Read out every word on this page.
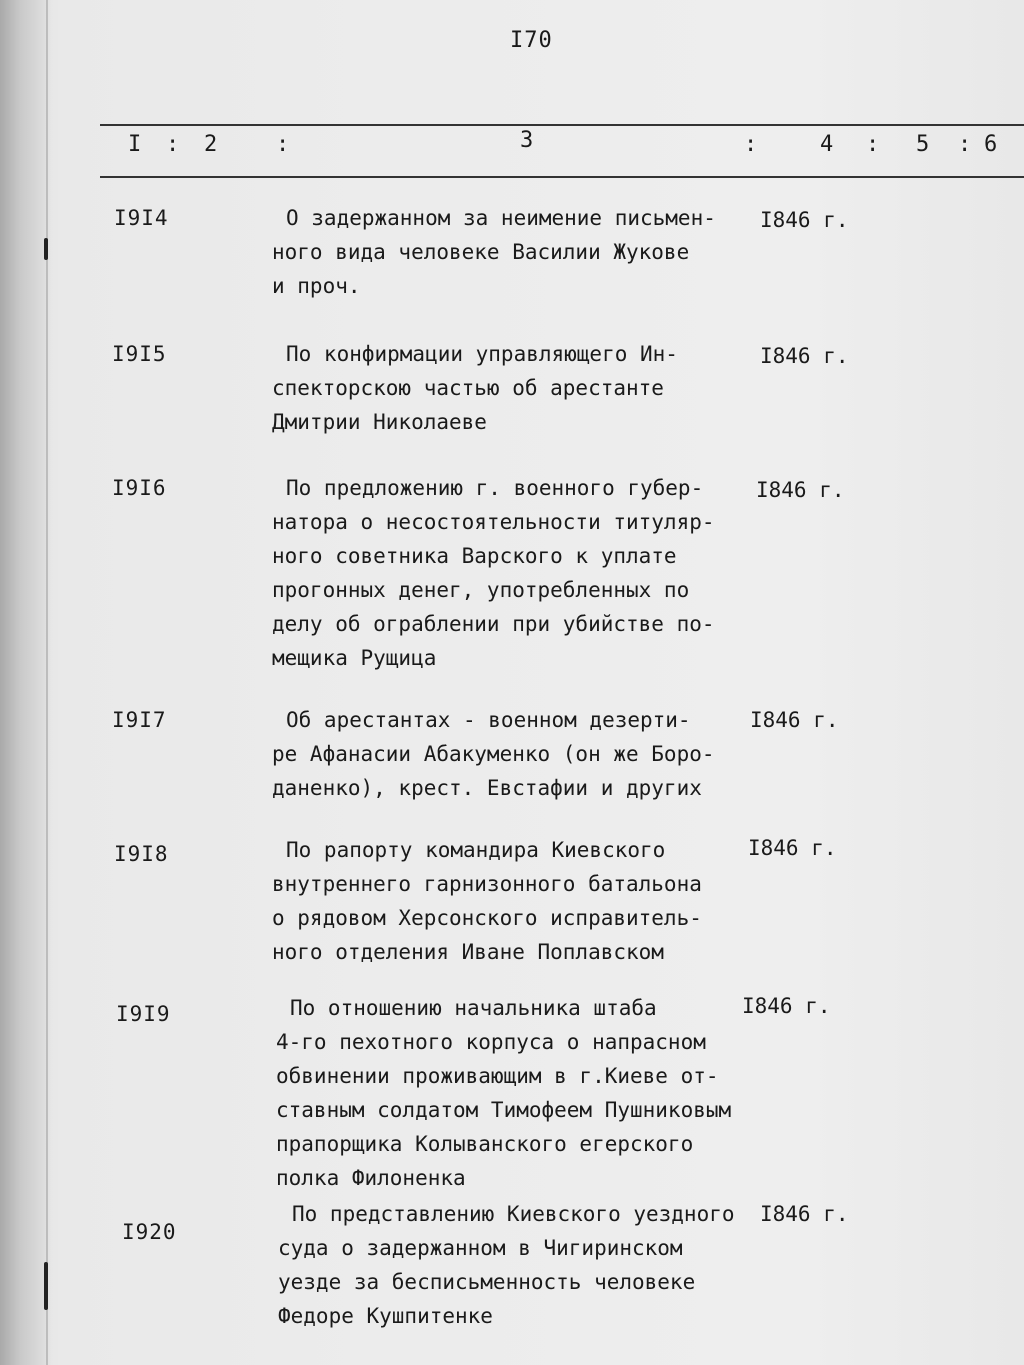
I70
I : 2	:	3	:	4 : 5 : 6
I9I4	О задержанном за неимение письмен-
ного вида человеке Василии Жукове
и проч.
I846 г.
I9I5	По конфирмации управляющего Ин-
спекторскою частью об арестанте
Дмитрии Николаеве
I846 г.
I9I6	По предложению г. военного губер-
натора о несостоятельности титуляр-
ного советника Варского к уплате
прогонных денег, употребленных по
делу об ограблении при убийстве по-
мещика Рущица
I846 г.
I9I7	Об арестантах - военном дезерти-
ре Афанасии Абакуменко (он же Боро-
даненко), крест. Евстафии и других
I846 г.
I9I8	По рапорту командира Киевского
внутреннего гарнизонного батальона
о рядовом Херсонского исправитель-
ного отделения Иване Поплавском
I846 г.
I9I9	По отношению начальника штаба
4-го пехотного корпуса о напрасном
обвинении проживающим в г.Киеве от-
ставным солдатом Тимофеем Пушниковым
прапорщика Колыванского егерского
полка Филоненка
I846 г.
I920
По представлению Киевского уездного
суда о задержанном в Чигиринском
уезде за бесписьменность человеке
Федоре Кушпитенке
I846 г.
